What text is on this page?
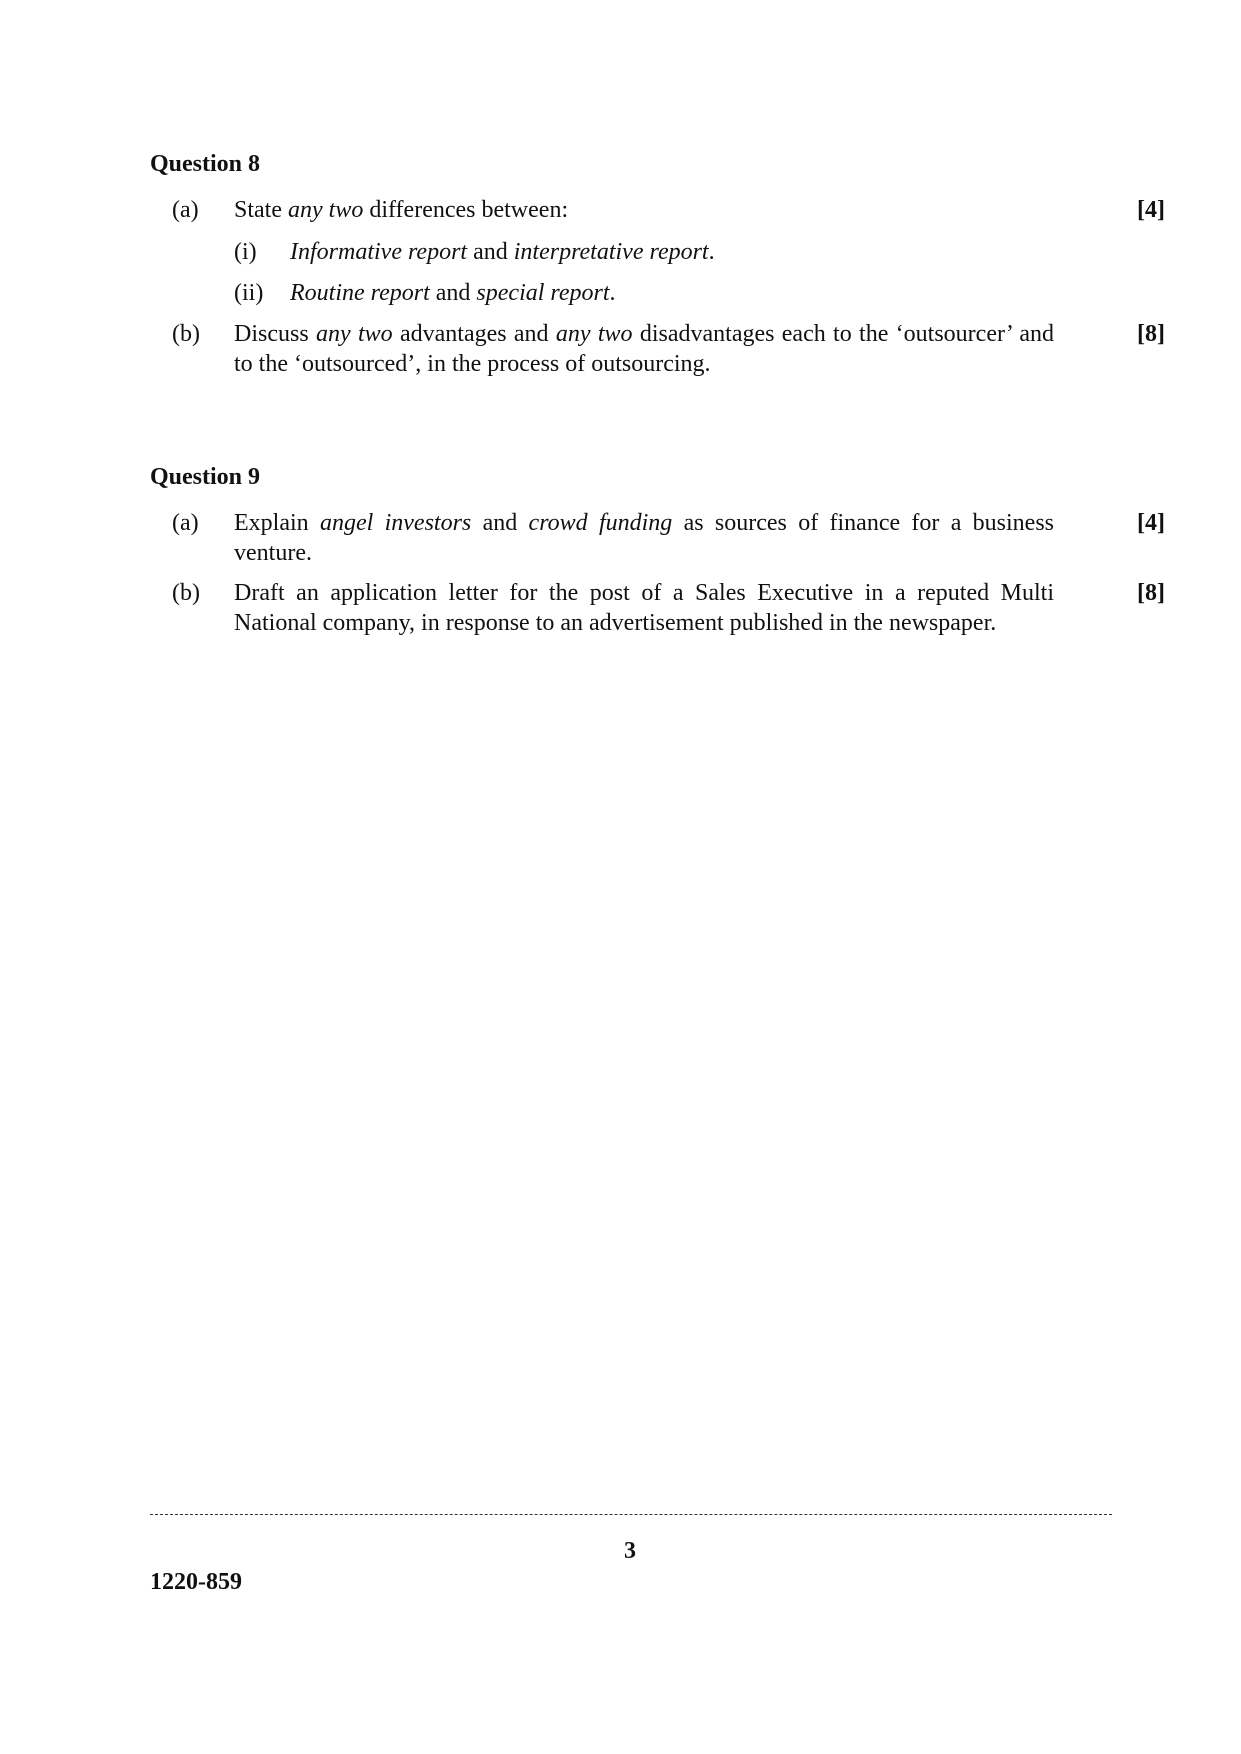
Question 8
(a) State any two differences between:	[4]
(i) Informative report and interpretative report.
(ii) Routine report and special report.
(b) Discuss any two advantages and any two disadvantages each to the ‘outsourcer’ and to the ‘outsourced’, in the process of outsourcing.
[8]
Question 9
(a) Explain angel investors and crowd funding as sources of finance for a business venture.
[4]
(b) Draft an application letter for the post of a Sales Executive in a reputed Multi National company, in response to an advertisement published in the newspaper.
[8]
3
1220-859
